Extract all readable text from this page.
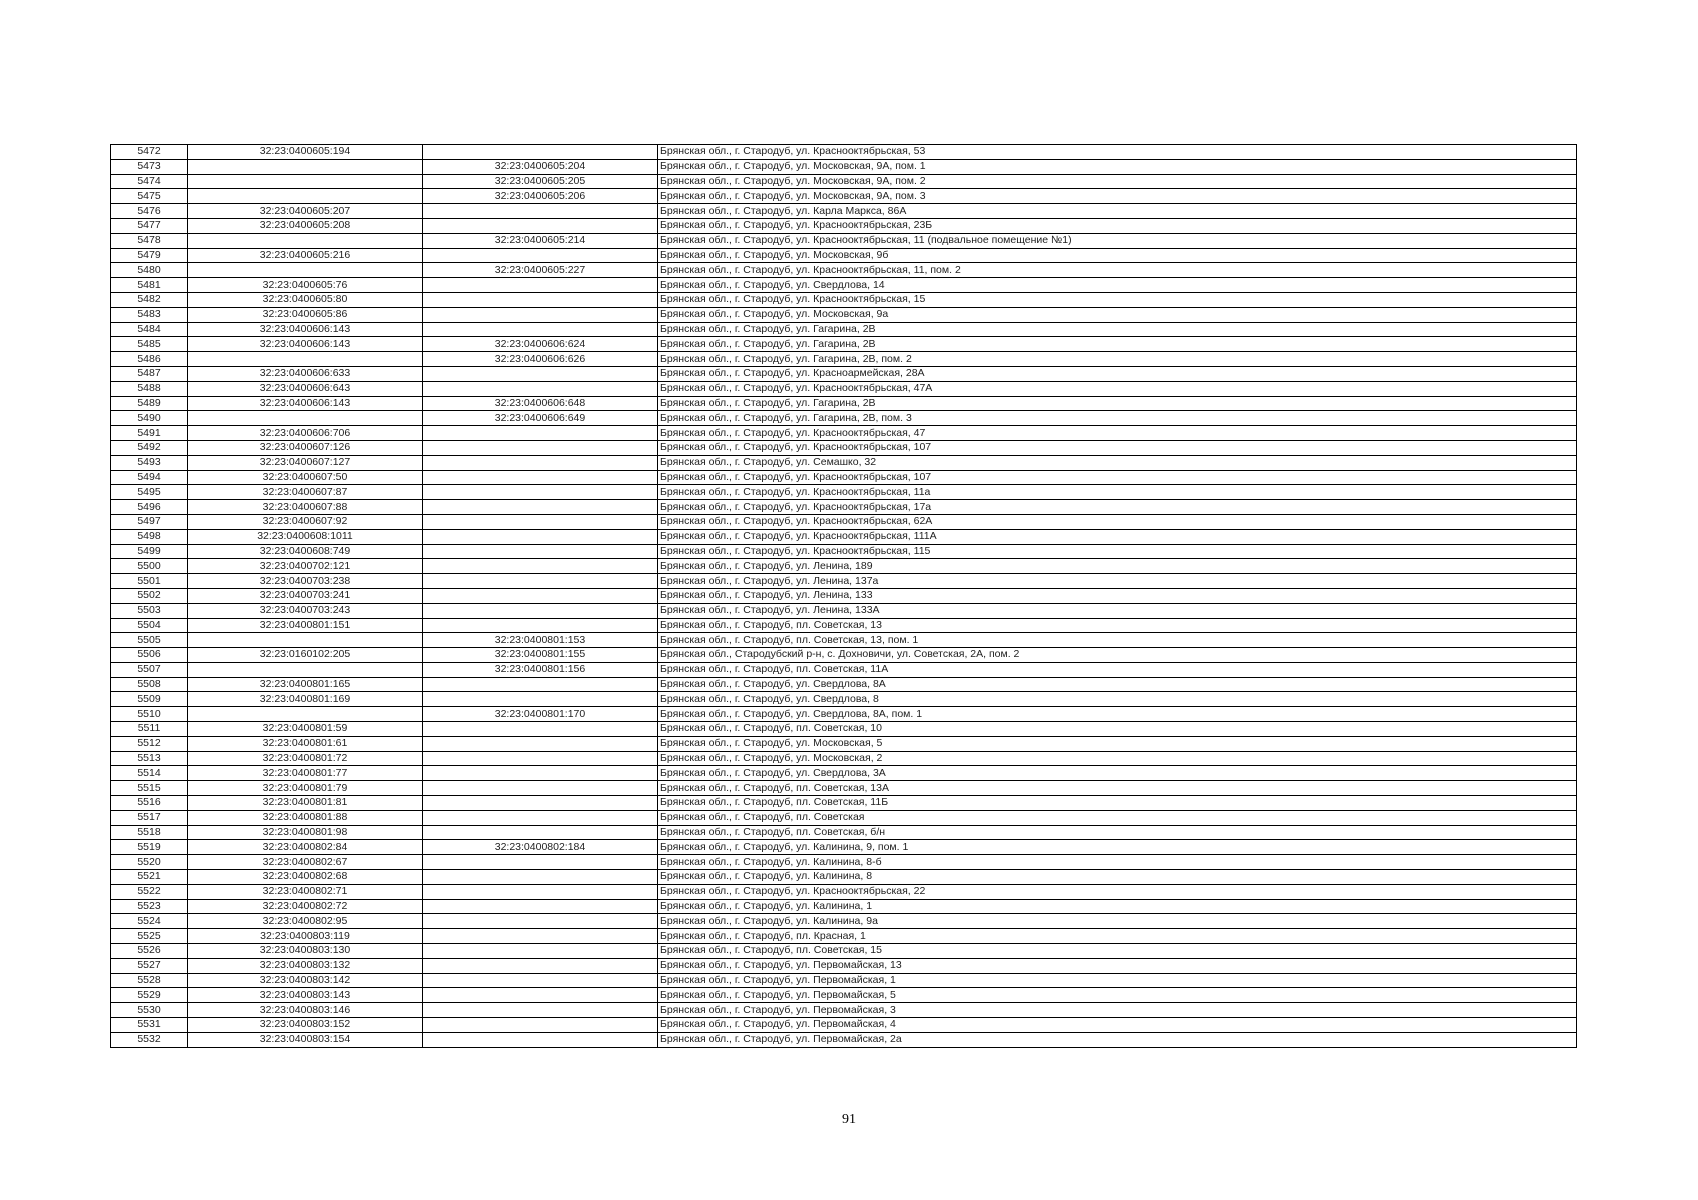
5472	32:23:0400605:194		Брянская обл., г. Стародуб, ул. Краснооктябрьская, 53
5473		32:23:0400605:204	Брянская обл., г. Стародуб, ул. Московская, 9А, пом. 1
5474		32:23:0400605:205	Брянская обл., г. Стародуб, ул. Московская, 9А, пом. 2
5475		32:23:0400605:206	Брянская обл., г. Стародуб, ул. Московская, 9А, пом. 3
5476	32:23:0400605:207		Брянская обл., г. Стародуб, ул. Карла Маркса, 86А
5477	32:23:0400605:208		Брянская обл., г. Стародуб, ул. Краснооктябрьская, 23Б
5478		32:23:0400605:214	Брянская обл., г. Стародуб, ул. Краснооктябрьская, 11 (подвальное помещение №1)
5479	32:23:0400605:216		Брянская обл., г. Стародуб, ул. Московская, 9б
5480		32:23:0400605:227	Брянская обл., г. Стародуб, ул. Краснооктябрьская, 11, пом. 2
5481	32:23:0400605:76		Брянская обл., г. Стародуб, ул. Свердлова, 14
5482	32:23:0400605:80		Брянская обл., г. Стародуб, ул. Краснооктябрьская, 15
5483	32:23:0400605:86		Брянская обл., г. Стародуб, ул. Московская, 9а
5484	32:23:0400606:143		Брянская обл., г. Стародуб, ул. Гагарина, 2В
5485	32:23:0400606:143	32:23:0400606:624	Брянская обл., г. Стародуб, ул. Гагарина, 2В
5486		32:23:0400606:626	Брянская обл., г. Стародуб, ул. Гагарина, 2В, пом. 2
5487	32:23:0400606:633		Брянская обл., г. Стародуб, ул. Красноармейская, 28А
5488	32:23:0400606:643		Брянская обл., г. Стародуб, ул. Краснооктябрьская, 47А
5489	32:23:0400606:143	32:23:0400606:648	Брянская обл., г. Стародуб, ул. Гагарина, 2В
5490		32:23:0400606:649	Брянская обл., г. Стародуб, ул. Гагарина, 2В, пом. 3
5491	32:23:0400606:706		Брянская обл., г. Стародуб, ул. Краснооктябрьская, 47
5492	32:23:0400607:126		Брянская обл., г. Стародуб, ул. Краснооктябрьская, 107
5493	32:23:0400607:127		Брянская обл., г. Стародуб, ул. Семашко, 32
5494	32:23:0400607:50		Брянская обл., г. Стародуб, ул. Краснооктябрьская, 107
5495	32:23:0400607:87		Брянская обл., г. Стародуб, ул. Краснооктябрьская, 11а
5496	32:23:0400607:88		Брянская обл., г. Стародуб, ул. Краснооктябрьская, 17а
5497	32:23:0400607:92		Брянская обл., г. Стародуб, ул. Краснооктябрьская, 62А
5498	32:23:0400608:1011		Брянская обл., г. Стародуб, ул. Краснооктябрьская, 111А
5499	32:23:0400608:749		Брянская обл., г. Стародуб, ул. Краснооктябрьская, 115
5500	32:23:0400702:121		Брянская обл., г. Стародуб, ул. Ленина, 189
5501	32:23:0400703:238		Брянская обл., г. Стародуб, ул. Ленина, 137а
5502	32:23:0400703:241		Брянская обл., г. Стародуб, ул. Ленина, 133
5503	32:23:0400703:243		Брянская обл., г. Стародуб, ул. Ленина, 133А
5504	32:23:0400801:151		Брянская обл., г. Стародуб, пл. Советская, 13
5505		32:23:0400801:153	Брянская обл., г. Стародуб, пл. Советская, 13, пом. 1
5506	32:23:0160102:205	32:23:0400801:155	Брянская обл., Стародубский р-н, с. Дохновичи, ул. Советская, 2А, пом. 2
5507		32:23:0400801:156	Брянская обл., г. Стародуб, пл. Советская, 11А
5508	32:23:0400801:165		Брянская обл., г. Стародуб, ул. Свердлова, 8А
5509	32:23:0400801:169		Брянская обл., г. Стародуб, ул. Свердлова, 8
5510		32:23:0400801:170	Брянская обл., г. Стародуб, ул. Свердлова, 8А, пом. 1
5511	32:23:0400801:59		Брянская обл., г. Стародуб, пл. Советская, 10
5512	32:23:0400801:61		Брянская обл., г. Стародуб, ул. Московская, 5
5513	32:23:0400801:72		Брянская обл., г. Стародуб, ул. Московская, 2
5514	32:23:0400801:77		Брянская обл., г. Стародуб, ул. Свердлова, 3А
5515	32:23:0400801:79		Брянская обл., г. Стародуб, пл. Советская, 13А
5516	32:23:0400801:81		Брянская обл., г. Стародуб, пл. Советская, 11Б
5517	32:23:0400801:88		Брянская обл., г. Стародуб, пл. Советская
5518	32:23:0400801:98		Брянская обл., г. Стародуб, пл. Советская, б/н
5519	32:23:0400802:84	32:23:0400802:184	Брянская обл., г. Стародуб, ул. Калинина, 9, пом. 1
5520	32:23:0400802:67		Брянская обл., г. Стародуб, ул. Калинина, 8-б
5521	32:23:0400802:68		Брянская обл., г. Стародуб, ул. Калинина, 8
5522	32:23:0400802:71		Брянская обл., г. Стародуб, ул. Краснооктябрьская, 22
5523	32:23:0400802:72		Брянская обл., г. Стародуб, ул. Калинина, 1
5524	32:23:0400802:95		Брянская обл., г. Стародуб, ул. Калинина, 9а
5525	32:23:0400803:119		Брянская обл., г. Стародуб, пл. Красная, 1
5526	32:23:0400803:130		Брянская обл., г. Стародуб, пл. Советская, 15
5527	32:23:0400803:132		Брянская обл., г. Стародуб, ул. Первомайская, 13
5528	32:23:0400803:142		Брянская обл., г. Стародуб, ул. Первомайская, 1
5529	32:23:0400803:143		Брянская обл., г. Стародуб, ул. Первомайская, 5
5530	32:23:0400803:146		Брянская обл., г. Стародуб, ул. Первомайская, 3
5531	32:23:0400803:152		Брянская обл., г. Стародуб, ул. Первомайская, 4
5532	32:23:0400803:154		Брянская обл., г. Стародуб, ул. Первомайская, 2а
91
